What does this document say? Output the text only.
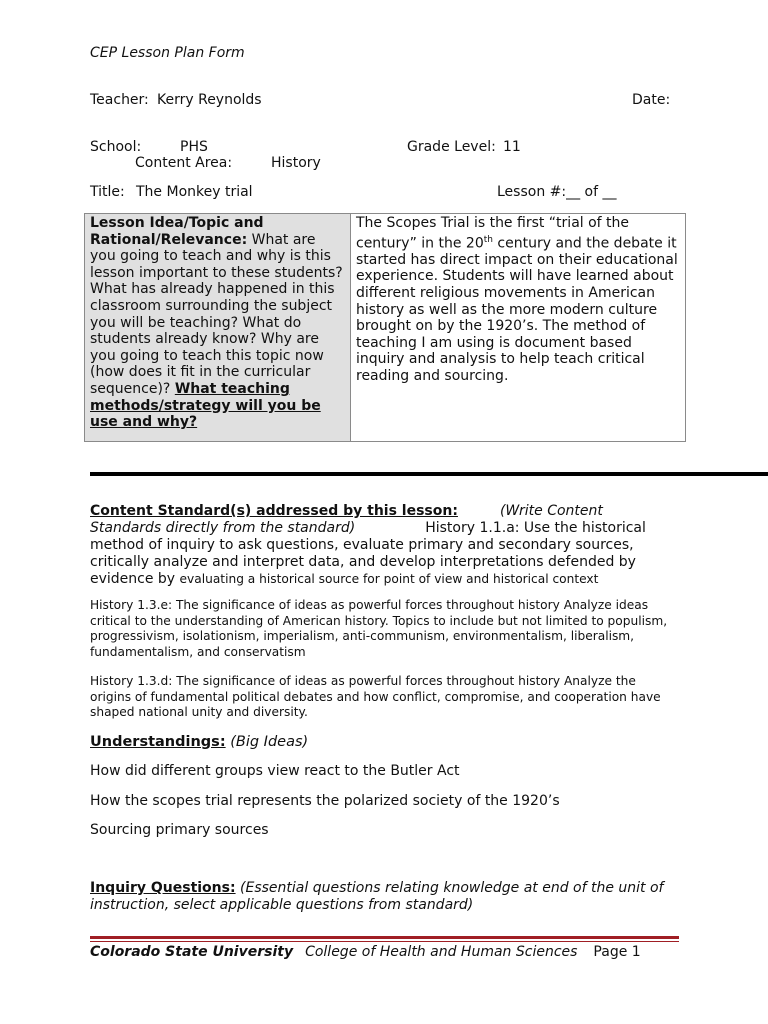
CEP Lesson Plan Form
Teacher: Kerry Reynolds	Date:
School:	PHS	Grade Level: 11
Content Area:	History
Title: The Monkey trial	Lesson #:__ of __
Lesson Idea/Topic and Rational/Relevance: What are you going to teach and why is this lesson important to these students? What has already happened in this classroom surrounding the subject you will be teaching? What do students already know? Why are you going to teach this topic now (how does it fit in the curricular sequence)? What teaching methods/strategy will you be use and why?	The Scopes Trial is the first “trial of the century” in the 20th century and the debate it started has direct impact on their educational experience. Students will have learned about different religious movements in American history as well as the more modern culture brought on by the 1920’s. The method of teaching I am using is document based inquiry and analysis to help teach critical reading and sourcing.
Content Standard(s) addressed by this lesson:	(Write Content Standards directly from the standard)	History 1.1.a: Use the historical method of inquiry to ask questions, evaluate primary and secondary sources, critically analyze and interpret data, and develop interpretations defended by evidence by evaluating a historical source for point of view and historical context
History 1.3.e: The significance of ideas as powerful forces throughout history Analyze ideas critical to the understanding of American history. Topics to include but not limited to populism, progressivism, isolationism, imperialism, anti-communism, environmentalism, liberalism, fundamentalism, and conservatism
History 1.3.d: The significance of ideas as powerful forces throughout history Analyze the origins of fundamental political debates and how conflict, compromise, and cooperation have shaped national unity and diversity.
Understandings: (Big Ideas)
How did different groups view react to the Butler Act
How the scopes trial represents the polarized society of the 1920’s
Sourcing primary sources
Inquiry Questions: (Essential questions relating knowledge at end of the unit of instruction, select applicable questions from standard)
Colorado State University College of Health and Human Sciences Page 1
